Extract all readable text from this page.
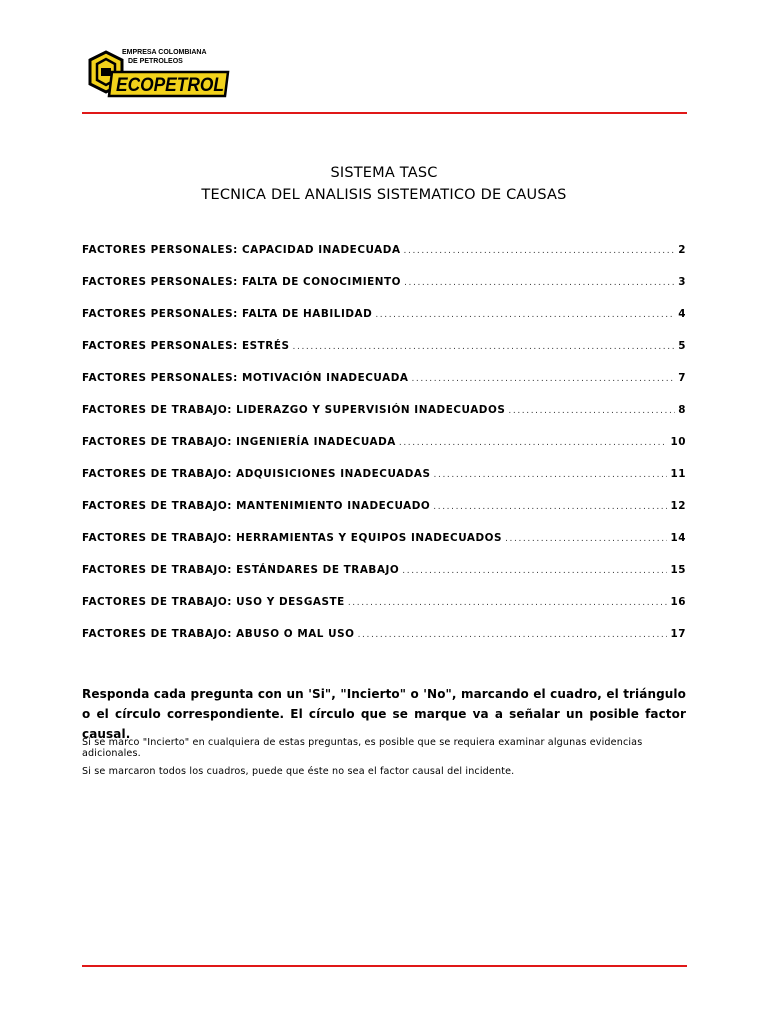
EMPRESA COLOMBIANA
DE PETROLEOS
ECOPETROL
SISTEMA TASC
TECNICA DEL ANALISIS SISTEMATICO DE CAUSAS
FACTORES PERSONALES: CAPACIDAD INADECUADA .....	2
FACTORES PERSONALES: FALTA DE CONOCIMIENTO .....	3
FACTORES PERSONALES: FALTA DE HABILIDAD .....	4
FACTORES PERSONALES: ESTRÉS .....	5
FACTORES PERSONALES: MOTIVACIÓN INADECUADA .....	7
FACTORES DE TRABAJO: LIDERAZGO Y SUPERVISIÓN INADECUADOS .....	8
FACTORES DE TRABAJO: INGENIERÍA INADECUADA .....	10
FACTORES DE TRABAJO: ADQUISICIONES INADECUADAS .....	11
FACTORES DE TRABAJO: MANTENIMIENTO INADECUADO .....	12
FACTORES DE TRABAJO: HERRAMIENTAS Y EQUIPOS INADECUADOS .....	14
FACTORES DE TRABAJO: ESTÁNDARES DE TRABAJO .....	15
FACTORES DE TRABAJO: USO Y DESGASTE .....	16
FACTORES DE TRABAJO: ABUSO O MAL USO .....	17
Responda cada pregunta con un 'Si", "Incierto" o 'No", marcando el cuadro, el triángulo o el círculo correspondiente. El círculo que se marque va a señalar un posible factor causal.
Si se marco "Incierto" en cualquiera de estas preguntas, es posible que se requiera examinar algunas evidencias adicionales.
Si se marcaron todos los cuadros, puede que éste no sea el factor causal del incidente.
